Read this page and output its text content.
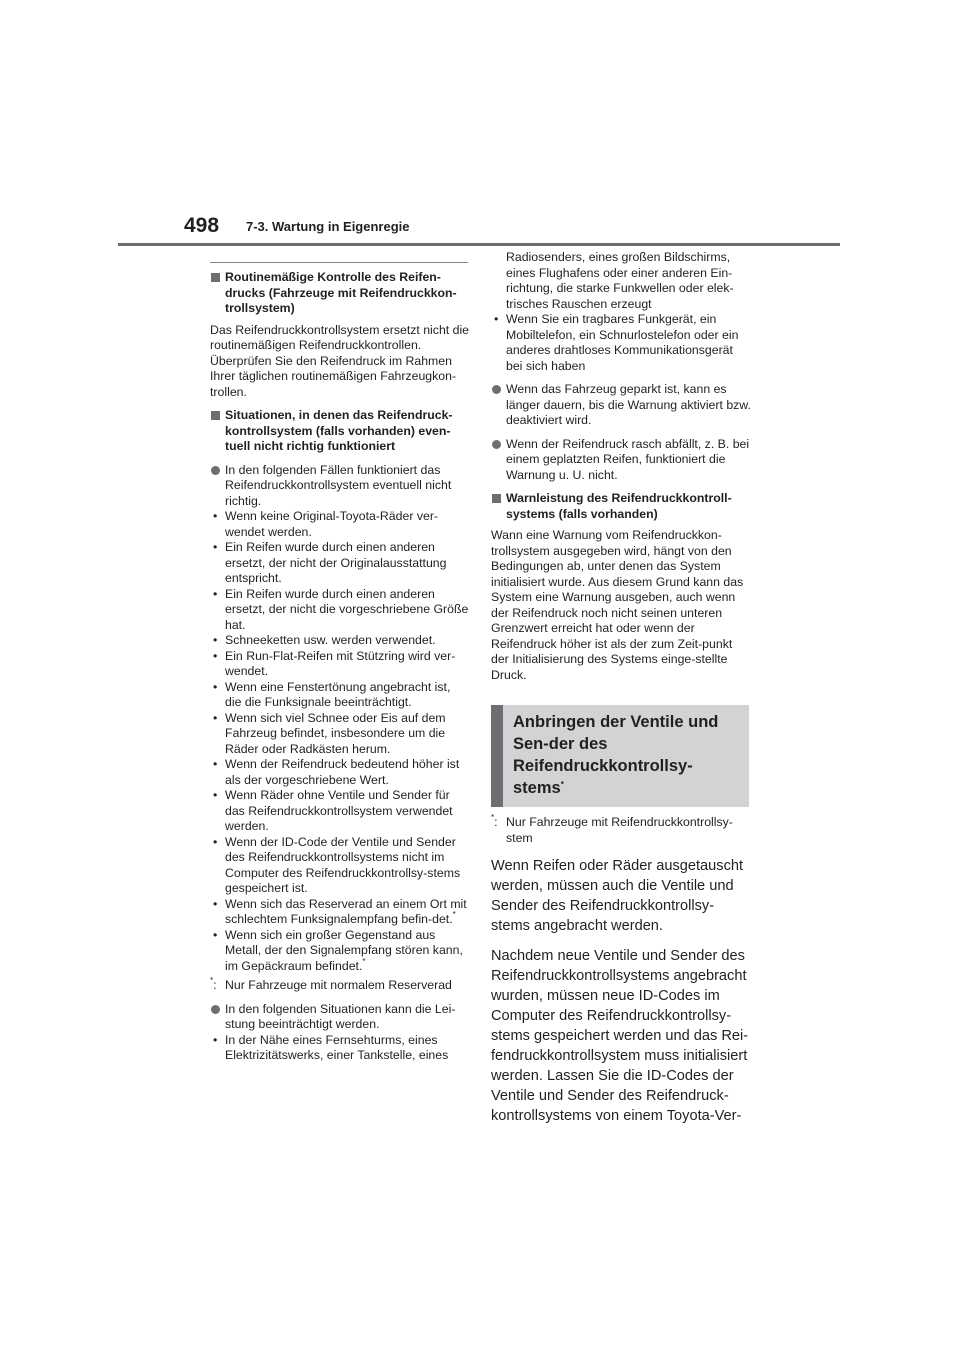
498 7-3. Wartung in Eigenregie
Routinemäßige Kontrolle des Reifen-drucks (Fahrzeuge mit Reifendruckkon-trollsystem)

Das Reifendruckkontrollsystem ersetzt nicht die routinemäßigen Reifendruckkontrollen. Überprüfen Sie den Reifendruck im Rahmen Ihrer täglichen routinemäßigen Fahrzeugkon-trollen.

Situationen, in denen das Reifendruck-kontrollsystem (falls vorhanden) even-tuell nicht richtig funktioniert
In den folgenden Fällen funktioniert das Reifendruckkontrollsystem eventuell nicht richtig.
• Wenn keine Original-Toyota-Räder ver-wendet werden.
• Ein Reifen wurde durch einen anderen ersetzt, der nicht der Originalausstattung entspricht.
• Ein Reifen wurde durch einen anderen ersetzt, der nicht die vorgeschriebene Größe hat.
• Schneeketten usw. werden verwendet.
• Ein Run-Flat-Reifen mit Stützring wird ver-wendet.
• Wenn eine Fenstertönung angebracht ist, die die Funksignale beeinträchtigt.
• Wenn sich viel Schnee oder Eis auf dem Fahrzeug befindet, insbesondere um die Räder oder Radkästen herum.
• Wenn der Reifendruck bedeutend höher ist als der vorgeschriebene Wert.
• Wenn Räder ohne Ventile und Sender für das Reifendruckkontrollsystem verwendet werden.
• Wenn der ID-Code der Ventile und Sender des Reifendruckkontrollsystems nicht im Computer des Reifendruckkontrollsy-stems gespeichert ist.
• Wenn sich das Reserverad an einem Ort mit schlechtem Funksignalempfang befin-det.*
• Wenn sich ein großer Gegenstand aus Metall, der den Signalempfang stören kann, im Gepäckraum befindet.*
*: Nur Fahrzeuge mit normalem Reserverad
In den folgenden Situationen kann die Lei-stung beeinträchtigt werden.
• In der Nähe eines Fernsehturms, eines Elektrizitätswerks, einer Tankstelle, eines
Radiosenders, eines großen Bildschirms, eines Flughafens oder einer anderen Ein-richtung, die starke Funkwellen oder elek-trisches Rauschen erzeugt
• Wenn Sie ein tragbares Funkgerät, ein Mobiltelefon, ein Schnurlostelefon oder ein anderes drahtloses Kommunikationsgerät bei sich haben
Wenn das Fahrzeug geparkt ist, kann es länger dauern, bis die Warnung aktiviert bzw. deaktiviert wird.
Wenn der Reifendruck rasch abfällt, z. B. bei einem geplatzten Reifen, funktioniert die Warnung u. U. nicht.
Warnleistung des Reifendruckkontroll-systems (falls vorhanden)

Wann eine Warnung vom Reifendruckkon-trollsystem ausgegeben wird, hängt von den Bedingungen ab, unter denen das System initialisiert wurde. Aus diesem Grund kann das System eine Warnung ausgeben, auch wenn der Reifendruck noch nicht seinen unteren Grenzwert erreicht hat oder wenn der Reifendruck höher ist als der zum Zeit-punkt der Initialisierung des Systems einge-stellte Druck.

Anbringen der Ventile und Sen-der des Reifendruckkontrollsy-stems*
*: Nur Fahrzeuge mit Reifendruckkontrollsy-stem

Wenn Reifen oder Räder ausgetauscht werden, müssen auch die Ventile und Sender des Reifendruckkontrollsy-stems angebracht werden.

Nachdem neue Ventile und Sender des Reifendruckkontrollsystems angebracht wurden, müssen neue ID-Codes im Computer des Reifendruckkontrollsy-stems gespeichert werden und das Rei-fendruckkontrollsystem muss initialisiert werden. Lassen Sie die ID-Codes der Ventile und Sender des Reifendruck-kontrollsystems von einem Toyota-Ver-
